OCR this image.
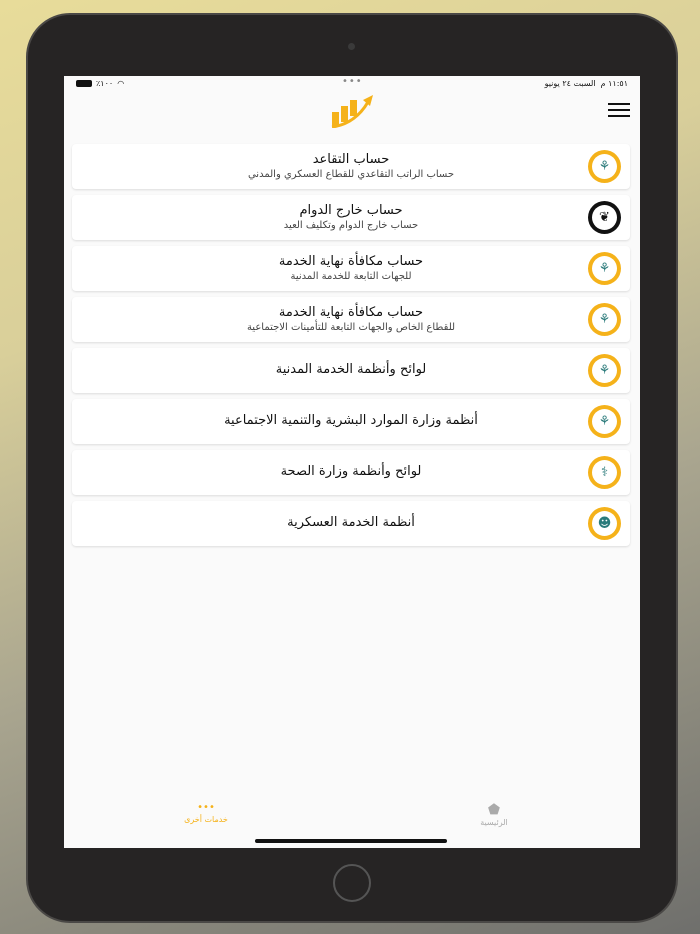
٪١٠٠ ◠	•••	١١:٥١ م  السبت ٢٤ يونيو
⚘
حساب التقاعد
حساب الراتب التقاعدي للقطاع العسكري والمدني
❦
حساب خارج الدوام
حساب خارج الدوام وتكليف العيد
⚘
حساب مكافأة نهاية الخدمة
للجهات التابعة للخدمة المدنية
⚘
حساب مكافأة نهاية الخدمة
للقطاع الخاص والجهات التابعة للتأمينات الاجتماعية
⚘
لوائح وأنظمة الخدمة المدنية
⚘
أنظمة وزارة الموارد البشرية والتنمية الاجتماعية
⚕
لوائح وأنظمة وزارة الصحة
☻
أنظمة الخدمة العسكرية
•••
خدمات أخرى
⬟
الرئيسية
